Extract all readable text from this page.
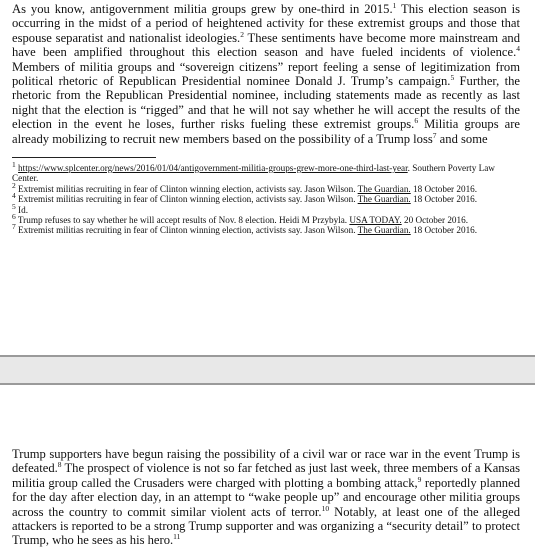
As you know, antigovernment militia groups grew by one-third in 2015.$^1$ This election season is occurring in the midst of a period of heightened activity for these extremist groups and those that espouse separatist and nationalist ideologies.$^2$ These sentiments have become more mainstream and have been amplified throughout this election season and have fueled incidents of violence.$^4$ Members of militia groups and “sovereign citizens” report feeling a sense of legitimization from political rhetoric of Republican Presidential nominee Donald J. Trump’s campaign.$^5$ Further, the rhetoric from the Republican Presidential nominee, including statements made as recently as last night that the election is “rigged” and that he will not say whether he will accept the results of the election in the event he loses, further risks fueling these extremist groups.$^6$ Militia groups are already mobilizing to recruit new members based on the possibility of a Trump loss$^7$ and some

$^1$ https://www.splcenter.org/news/2016/01/04/antigovernment-militia-groups-grew-more-one-third-last-year. Southern Poverty Law Center.

$^2$ Extremist militias recruiting in fear of Clinton winning election, activists say. Jason Wilson. The Guardian. 18 October 2016.

$^4$ Extremist militias recruiting in fear of Clinton winning election, activists say. Jason Wilson. The Guardian. 18 October 2016.

$^5$ Id.

$^6$ Trump refuses to say whether he will accept results of Nov. 8 election. Heidi M Przybyla. USA TODAY. 20 October 2016.

$^7$ Extremist militias recruiting in fear of Clinton winning election, activists say. Jason Wilson. The Guardian. 18 October 2016.

Trump supporters have begun raising the possibility of a civil war or race war in the event Trump is defeated.$^8$ The prospect of violence is not so far fetched as just last week, three members of a Kansas militia group called the Crusaders were charged with plotting a bombing attack,$^9$ reportedly planned for the day after election day, in an attempt to “wake people up” and encourage other militia groups across the country to commit similar violent acts of terror.$^{10}$ Notably, at least one of the alleged attackers is reported to be a strong Trump supporter and was organizing a “security detail” to protect Trump, who he sees as his hero.$^{11}$
